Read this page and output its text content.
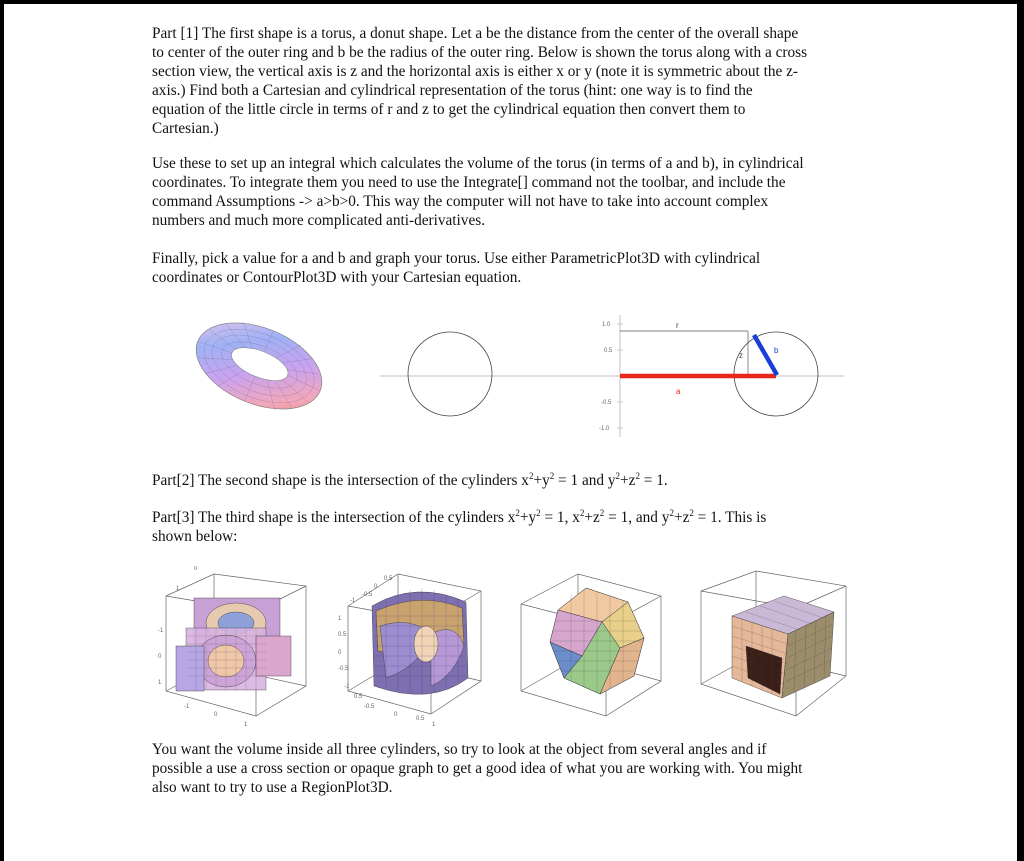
Part [1] The first shape is a torus, a donut shape. Let a be the distance from the center of the overall shape
to center of the outer ring and b be the radius of the outer ring. Below is shown the torus along with a cross
section view, the vertical axis is z and the horizontal axis is either x or y (note it is symmetric about the z-
axis.) Find both a Cartesian and cylindrical representation of the torus (hint: one way is to find the
equation of the little circle in terms of r and z to get the cylindrical equation then convert them to
Cartesian.)
Use these to set up an integral which calculates the volume of the torus (in terms of a and b), in cylindrical
coordinates. To integrate them you need to use the Integrate[] command not the toolbar, and include the
command Assumptions -> a>b>0. This way the computer will not have to take into account complex
numbers and much more complicated anti-derivatives.
Finally, pick a value for a and b and graph your torus. Use either ParametricPlot3D with cylindrical
coordinates or ContourPlot3D with your Cartesian equation.
1.0
0.5
-0.5
-1.0
r
z
a
b
Part[2] The second shape is the intersection of the cylinders $x^2+y^2 = 1$ and $y^2+z^2 = 1$.
Part[3] The third shape is the intersection of the cylinders $x^2+y^2 = 1$, $x^2+z^2 = 1$, and $y^2+z^2 = 1$. This is
shown below:
0
1
-1
0
1
-1
0
1
0.5
0
-0.5
-1
1
0.5
0
-0.5
-1
0.5
-0.5
0
0.5
1
You want the volume inside all three cylinders, so try to look at the object from several angles and if
possible a use a cross section or opaque graph to get a good idea of what you are working with. You might
also want to try to use a RegionPlot3D.
